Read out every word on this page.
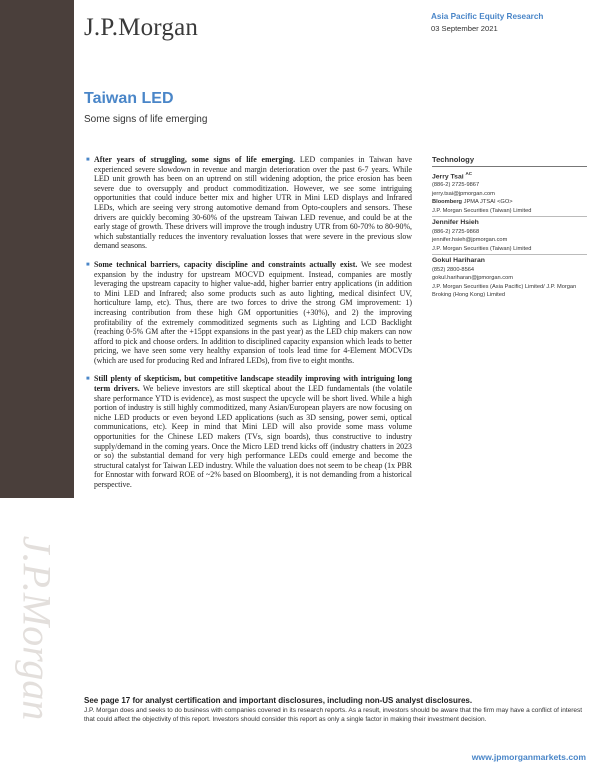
J.P.Morgan
J.P.Morgan	Asia Pacific Equity Research
03 September 2021
Taiwan LED
Some signs of life emerging
■ After years of struggling, some signs of life emerging. LED companies in Taiwan have experienced severe slowdown in revenue and margin deterioration over the past 6-7 years. While LED unit growth has been on an uptrend on still widening adoption, the price erosion has been severe due to oversupply and product commoditization. However, we see some intriguing opportunities that could induce better mix and higher UTR in Mini LED displays and Infrared LEDs, which are seeing very strong automotive demand from Opto-couplers and sensors. These drivers are quickly becoming 30-60% of the upstream Taiwan LED revenue, and could be at the early stage of growth. These drivers will improve the trough industry UTR from 60-70% to 80-90%, which substantially reduces the inventory revaluation losses that were severe in the previous slow demand seasons.
■ Some technical barriers, capacity discipline and constraints actually exist. We see modest expansion by the industry for upstream MOCVD equipment. Instead, companies are mostly leveraging the upstream capacity to higher value-add, higher barrier entry applications (in addition to Mini LED and Infrared; also some products such as auto lighting, medical disinfect UV, horticulture lamp, etc). Thus, there are two forces to drive the strong GM improvement: 1) increasing contribution from these high GM opportunities (+30%), and 2) the improving profitability of the extremely commoditized segments such as Lighting and LCD Backlight (reaching 0-5% GM after the +15ppt expansions in the past year) as the LED chip makers can now afford to pick and choose orders. In addition to disciplined capacity expansion which leads to better pricing, we have seen some very healthy expansion of tools lead time for 4-Element MOCVDs (which are used for producing Red and Infrared LEDs), from five to eight months.
■ Still plenty of skepticism, but competitive landscape steadily improving with intriguing long term drivers. We believe investors are still skeptical about the LED fundamentals (the volatile share performance YTD is evidence), as most suspect the upcycle will be short lived. While a high portion of industry is still highly commoditized, many Asian/European players are now focusing on niche LED products or even beyond LED applications (such as 3D sensing, power semi, optical communications, etc). Keep in mind that Mini LED will also provide some mass volume opportunities for the Chinese LED makers (TVs, sign boards), thus constructive to industry supply/demand in the coming years. Once the Micro LED trend kicks off (industry chatters in 2023 or so) the substantial demand for very high performance LEDs could emerge and become the structural catalyst for Taiwan LED industry. While the valuation does not seem to be cheap (1x PBR for Ennostar with forward ROE of ~2% based on Bloomberg), it is not demanding from a historical perspective.
Technology
Jerry Tsai $^{AC}$
(886-2) 2725-9867
jerry.tsai@jpmorgan.com
Bloomberg JPMA JTSAI <GO>
J.P. Morgan Securities (Taiwan) Limited
Jennifer Hsieh
(886-2) 2725-9868
jennifer.hsieh@jpmorgan.com
J.P. Morgan Securities (Taiwan) Limited
Gokul Hariharan
(852) 2800-8564
gokul.hariharan@jpmorgan.com
J.P. Morgan Securities (Asia Pacific) Limited/ J.P. Morgan Broking (Hong Kong) Limited
See page 17 for analyst certification and important disclosures, including non-US analyst disclosures.
J.P. Morgan does and seeks to do business with companies covered in its research reports. As a result, investors should be aware that the firm may have a conflict of interest that could affect the objectivity of this report. Investors should consider this report as only a single factor in making their investment decision.
www.jpmorganmarkets.com
